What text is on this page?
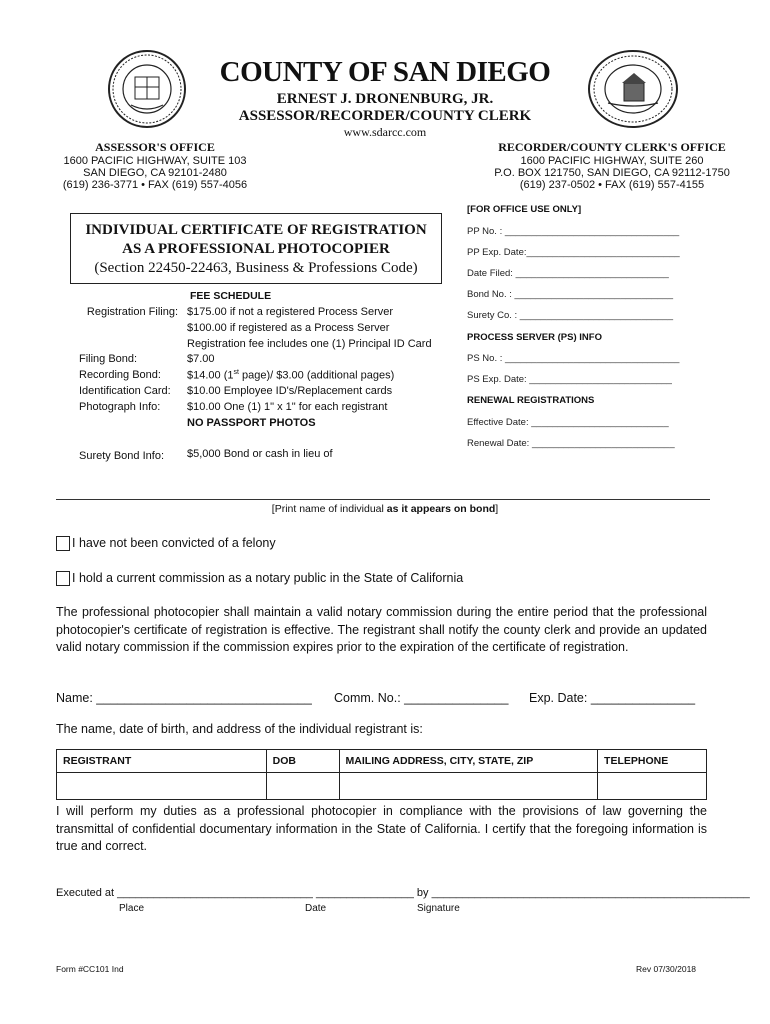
COUNTY OF SAN DIEGO
ERNEST J. DRONENBURG, JR.
ASSESSOR/RECORDER/COUNTY CLERK
www.sdarcc.com
ASSESSOR'S OFFICE
1600 PACIFIC HIGHWAY, SUITE 103
SAN DIEGO, CA 92101-2480
(619) 236-3771 • FAX (619) 557-4056
RECORDER/COUNTY CLERK'S OFFICE
1600 PACIFIC HIGHWAY, SUITE 260
P.O. BOX 121750, SAN DIEGO, CA 92112-1750
(619) 237-0502 • FAX (619) 557-4155
INDIVIDUAL CERTIFICATE OF REGISTRATION
AS A PROFESSIONAL PHOTOCOPIER
(Section 22450-22463, Business & Professions Code)
[FOR OFFICE USE ONLY]
PP No. : _________________________________
PP Exp. Date:_____________________________
Date Filed: _____________________________
Bond No. : ______________________________
Surety Co. : _____________________________
PROCESS SERVER (PS) INFO
PS No. : _________________________________
PS Exp. Date: ___________________________
RENEWAL REGISTRATIONS
Effective Date: __________________________
Renewal Date: ___________________________
FEE SCHEDULE
Registration Filing: $175.00 if not a registered Process Server
$100.00 if registered as a Process Server
Registration fee includes one (1) Principal ID Card
Filing Bond:	$7.00
Recording Bond:	$14.00 (1st page)/ $3.00 (additional pages)
Identification Card:	$10.00 Employee ID's/Replacement cards
Photograph Info:	$10.00 One (1) 1" x 1" for each registrant
NO PASSPORT PHOTOS
Surety Bond Info:	$5,000 Bond or cash in lieu of
[Print name of individual as it appears on bond]
I have not been convicted of a felony
I hold a current commission as a notary public in the State of California
The professional photocopier shall maintain a valid notary commission during the entire period that the professional photocopier's certificate of registration is effective. The registrant shall notify the county clerk and provide an updated valid notary commission if the commission expires prior to the expiration of the certificate of registration.
Name: _______________________________ Comm. No.: _______________ Exp. Date: _______________
The name, date of birth, and address of the individual registrant is:
REGISTRANT	DOB	MAILING ADDRESS, CITY, STATE, ZIP	TELEPHONE

I will perform my duties as a professional photocopier in compliance with the provisions of law governing the transmittal of confidential documentary information in the State of California. I certify that the foregoing information is true and correct.
Executed at ________________________________ ________________ by ____________________________________________________
Place	Date	Signature
Form #CC101 Ind	Rev 07/30/2018
